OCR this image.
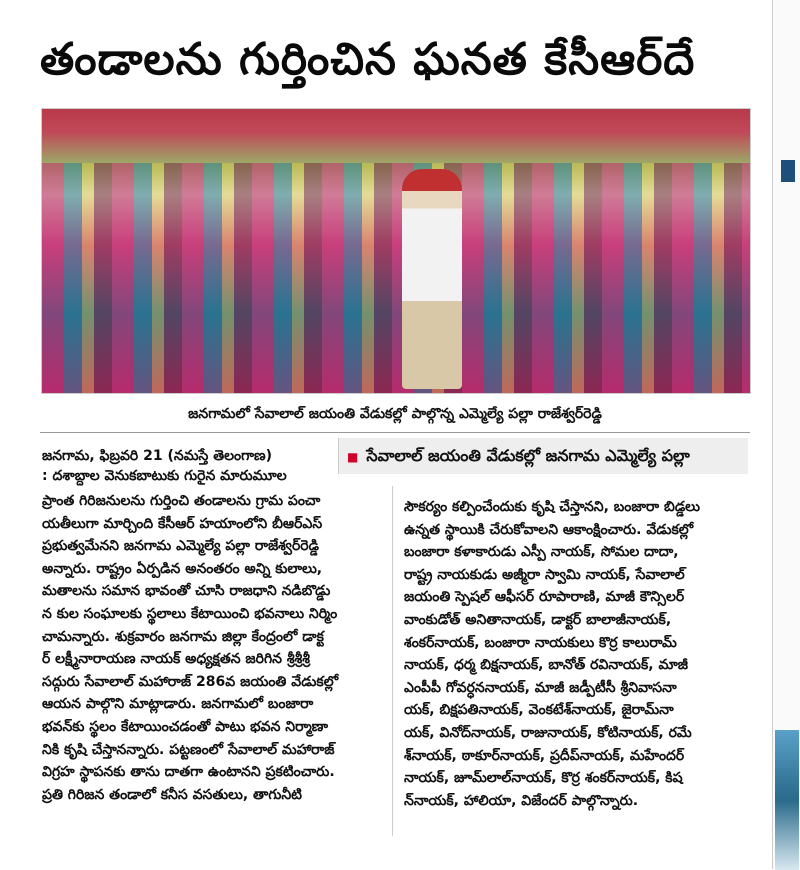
తండాలను గుర్తించిన ఘనత కేసీఆర్‌దే
జనగామలో సేవాలాల్ జయంతి వేడుకల్లో పాల్గొన్న ఎమ్మెల్యే పల్లా రాజేశ్వర్‌రెడ్డి
జనగామ, ఫిబ్రవరి 21 (నమస్తే తెలంగాణ)
: దశాబ్దాల వెనుకబాటుకు గురైన మారుమూల
■ సేవాలాల్ జయంతి వేడుకల్లో జనగామ ఎమ్మెల్యే పల్లా

ప్రాంత గిరిజనులను గుర్తించి తండాలను గ్రామ పంచా

యతీలుగా మార్చింది కేసీఆర్ హయాంలోని బీఆర్ఎస్

ప్రభుత్వమేనని జనగామ ఎమ్మెల్యే పల్లా రాజేశ్వర్‌రెడ్డి

అన్నారు. రాష్ట్రం ఏర్పడిన అనంతరం అన్ని కులాలు,

మతాలను సమాన భావంతో చూసి రాజధాని నడిబొడ్డు

న కుల సంఘాలకు స్థలాలు కేటాయించి భవనాలు నిర్మిం

చామన్నారు. శుక్రవారం జనగామ జిల్లా కేంద్రంలో డాక్ట

ర్ లక్ష్మీనారాయణ నాయక్ అధ్యక్షతన జరిగిన శ్రీశ్రీశ్రీ

సద్గురు సేవాలాల్ మహారాజ్ 286వ జయంతి వేడుకల్లో

ఆయన పాల్గొని మాట్లాడారు. జనగామలో బంజారా

భవన్‌కు స్థలం కేటాయించడంతో పాటు భవన నిర్మాణా

నికి కృషి చేస్తానన్నారు. పట్టణంలో సేవాలాల్ మహారాజ్

విగ్రహ స్థాపనకు తాను దాతగా ఉంటానని ప్రకటించారు.

ప్రతి గిరిజన తండాలో కనీస వసతులు, తాగునీటి

సౌకర్యం కల్పించేందుకు కృషి చేస్తానని, బంజారా బిడ్డలు

ఉన్నత స్థాయికి చేరుకోవాలని ఆకాంక్షించారు. వేడుకల్లో

బంజారా కళాకారుడు ఎస్పీ నాయక్, సోమల దాదా,

రాష్ట్ర నాయకుడు అజ్మీరా స్వామి నాయక్, సేవాలాల్

జయంతి స్పెషల్ ఆఫీసర్ రూపారాణి, మాజీ కౌన్సిలర్

వాంకుడోత్ అనితానాయక్, డాక్టర్ బాలాజీనాయక్,

శంకర్‌నాయక్, బంజారా నాయకులు కొర్ర కాలురామ్

నాయక్, ధర్మ బిక్షనాయక్, బానోత్ రవినాయక్, మాజీ

ఎంపీపీ గోవర్ధననాయక్, మాజీ జడ్పీటీసీ శ్రీనివాసనా

యక్, బిక్షపతినాయక్, వెంకటేశ్‌నాయక్, జైరామ్‌నా

యక్, వినోద్‌నాయక్, రాజునాయక్, కోటినాయక్, రమే

శ్‌నాయక్, ఠాకూర్‌నాయక్, ప్రదీప్‌నాయక్, మహేందర్

నాయక్, జూమ్‌లాల్‌నాయక్, కొర్ర శంకర్‌నాయక్, కిష

న్‌నాయక్, హాలియా, విజేందర్ పాల్గొన్నారు.
